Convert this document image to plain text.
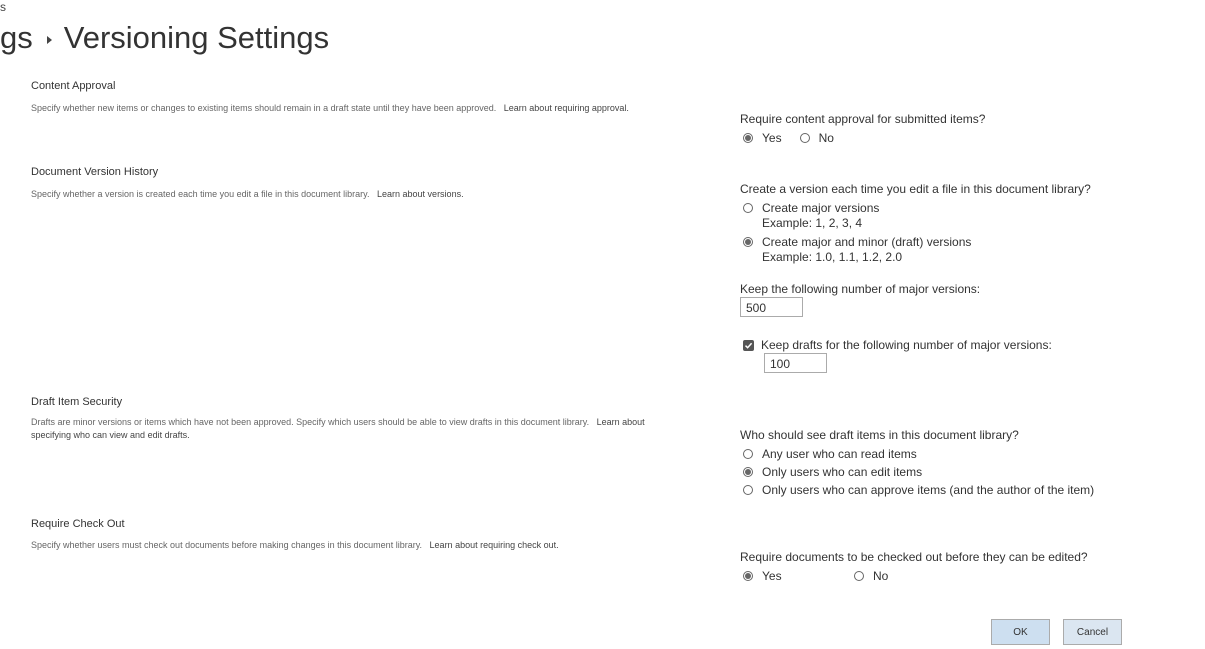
s
gs Versioning Settings
Content Approval
Specify whether new items or changes to existing items should remain in a draft state until they have been approved. Learn about requiring approval.
Require content approval for submitted items?
Yes	No
Document Version History
Specify whether a version is created each time you edit a file in this document library. Learn about versions.	Create a version each time you edit a file in this document library?
Create major versions
Example: 1, 2, 3, 4
Create major and minor (draft) versions
Example: 1.0, 1.1, 1.2, 2.0
Keep the following number of major versions:
500
Keep drafts for the following number of major versions:
100
Draft Item Security
Drafts are minor versions or items which have not been approved. Specify which users should be able to view drafts in this document library. Learn about
specifying who can view and edit drafts.	Who should see draft items in this document library?
Any user who can read items
Only users who can edit items
Only users who can approve items (and the author of the item)
Require Check Out
Specify whether users must check out documents before making changes in this document library. Learn about requiring check out.
Require documents to be checked out before they can be edited?
Yes	No
OK	Cancel
